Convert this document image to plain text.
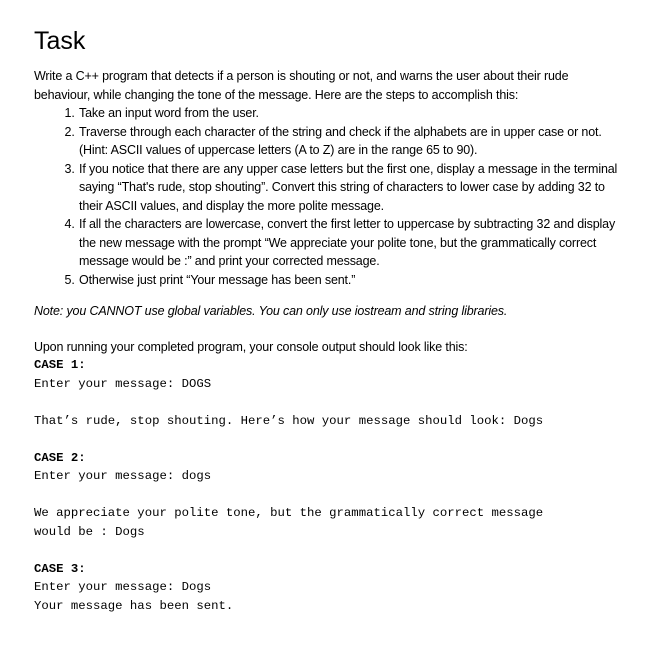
Task
Write a C++ program that detects if a person is shouting or not, and warns the user about their rude behaviour, while changing the tone of the message. Here are the steps to accomplish this:
1. Take an input word from the user.
2. Traverse through each character of the string and check if the alphabets are in upper case or not. (Hint: ASCII values of uppercase letters (A to Z) are in the range 65 to 90).
3. If you notice that there are any upper case letters but the first one, display a message in the terminal saying “That's rude, stop shouting”. Convert this string of characters to lower case by adding 32 to their ASCII values, and display the more polite message.
4. If all the characters are lowercase, convert the first letter to uppercase by subtracting 32 and display the new message with the prompt “We appreciate your polite tone, but the grammatically correct message would be :” and print your corrected message.
5. Otherwise just print “Your message has been sent.”
Note: you CANNOT use global variables. You can only use iostream and string libraries.
Upon running your completed program, your console output should look like this:
CASE 1:
Enter your message: DOGS
That’s rude, stop shouting. Here’s how your message should look: Dogs
CASE 2:
Enter your message: dogs
We appreciate your polite tone, but the grammatically correct message
would be : Dogs
CASE 3:
Enter your message: Dogs
Your message has been sent.
